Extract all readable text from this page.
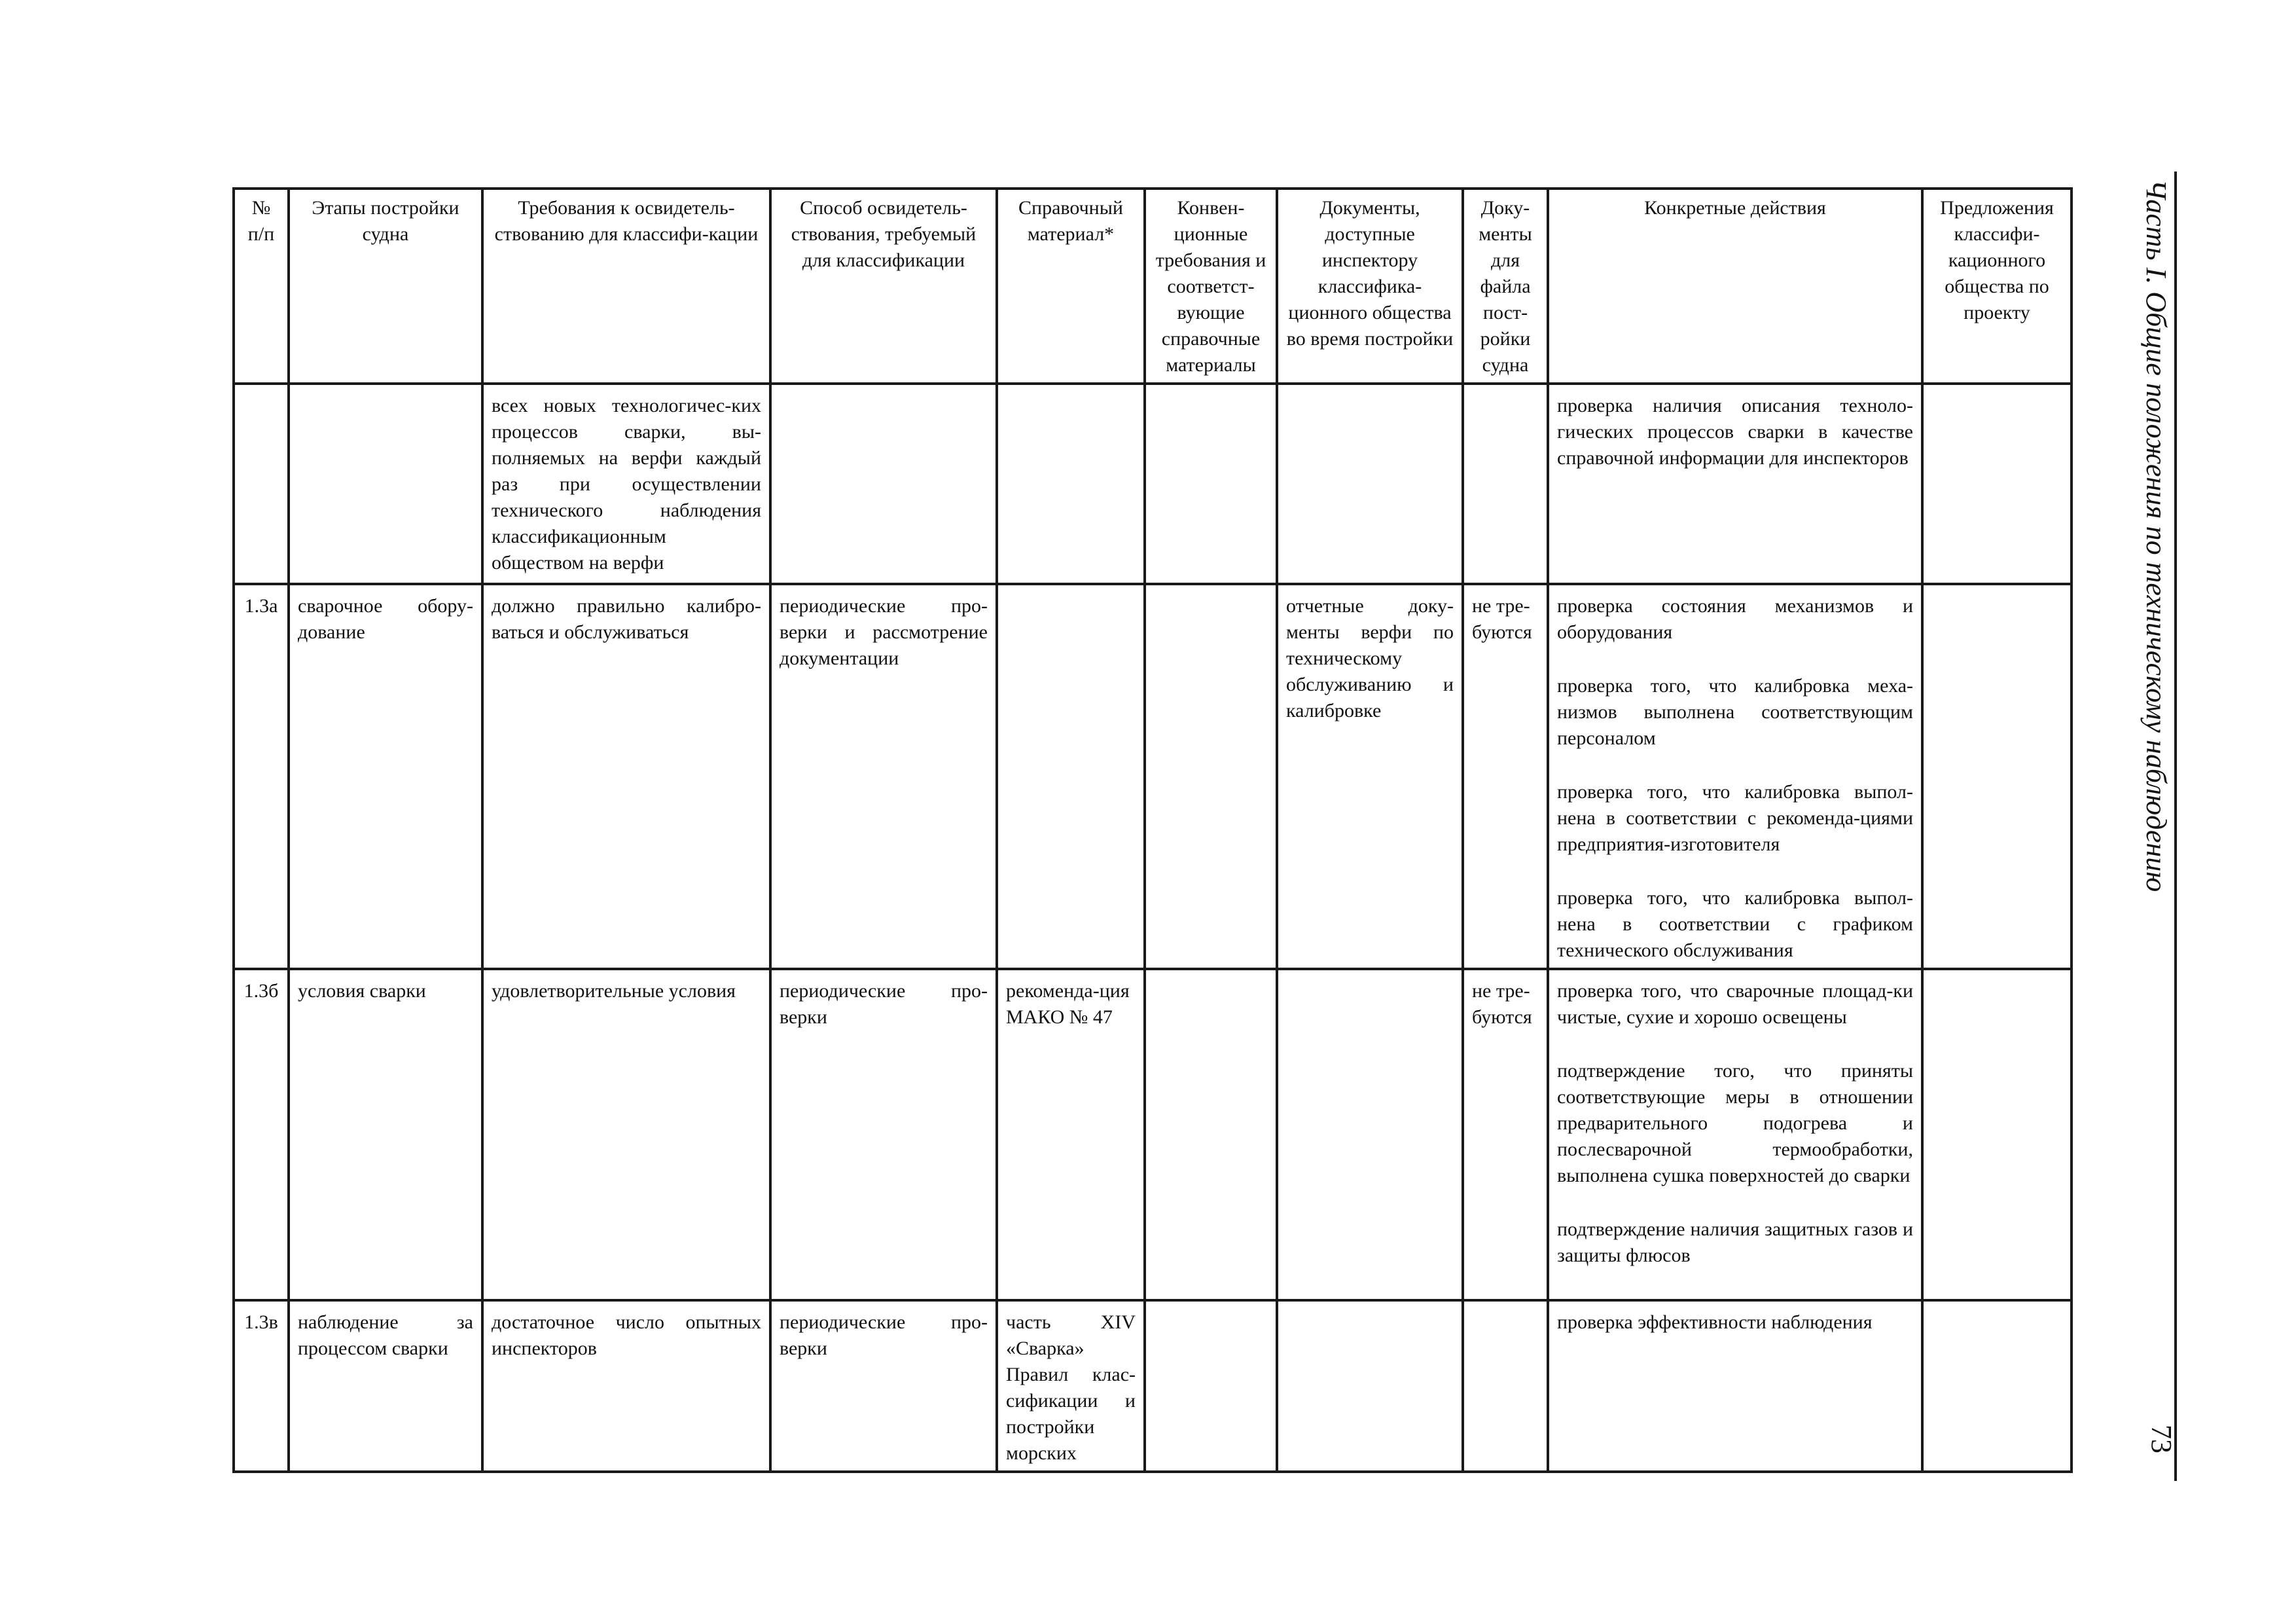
Часть I. Общие положения по техническому наблюдению
73
№ п/п	Этапы постройки судна	Требования к освидетель-ствованию для классифи-кации	Способ освидетель-ствования, требуемый для классификации	Справочный материал*	Конвен-ционные требования и соответст-вующие справочные материалы	Документы, доступные инспектору классифика-ционного общества во время постройки	Доку-менты для файла пост-ройки судна	Конкретные действия	Предложения классифи-кационного общества по проекту
		всех новых технологичес-ких процессов сварки, вы-полняемых на верфи каждый раз при осуществлении технического наблюдения классификационным обществом на верфи						проверка наличия описания техноло-гических процессов сварки в качестве справочной информации для инспекторов	

1.3а	сварочное обору-дование	должно правильно калибро-ваться и обслуживаться	периодические про-верки и рассмотрение документации			отчетные доку-менты верфи по техническому обслуживанию и калибровке	не тре-буются	проверка состояния механизмов и оборудования
проверка того, что калибровка меха-низмов выполнена соответствующим персоналом
проверка того, что калибровка выпол-нена в соответствии с рекоменда-циями предприятия-изготовителя
проверка того, что калибровка выпол-нена в соответствии с графиком технического обслуживания	

1.3б	условия сварки	удовлетворительные условия	периодические про-верки	рекоменда-ция МАКО № 47			не тре-буются	проверка того, что сварочные площад-ки чистые, сухие и хорошо освещены
подтверждение того, что приняты соответствующие меры в отношении предварительного подогрева и послесварочной термообработки, выполнена сушка поверхностей до сварки
подтверждение наличия защитных газов и защиты флюсов	

1.3в	наблюдение за процессом сварки	достаточное число опытных инспекторов	периодические про-верки	часть XIV «Сварка» Правил клас-сификации и постройки морских				проверка эффективности наблюдения	
